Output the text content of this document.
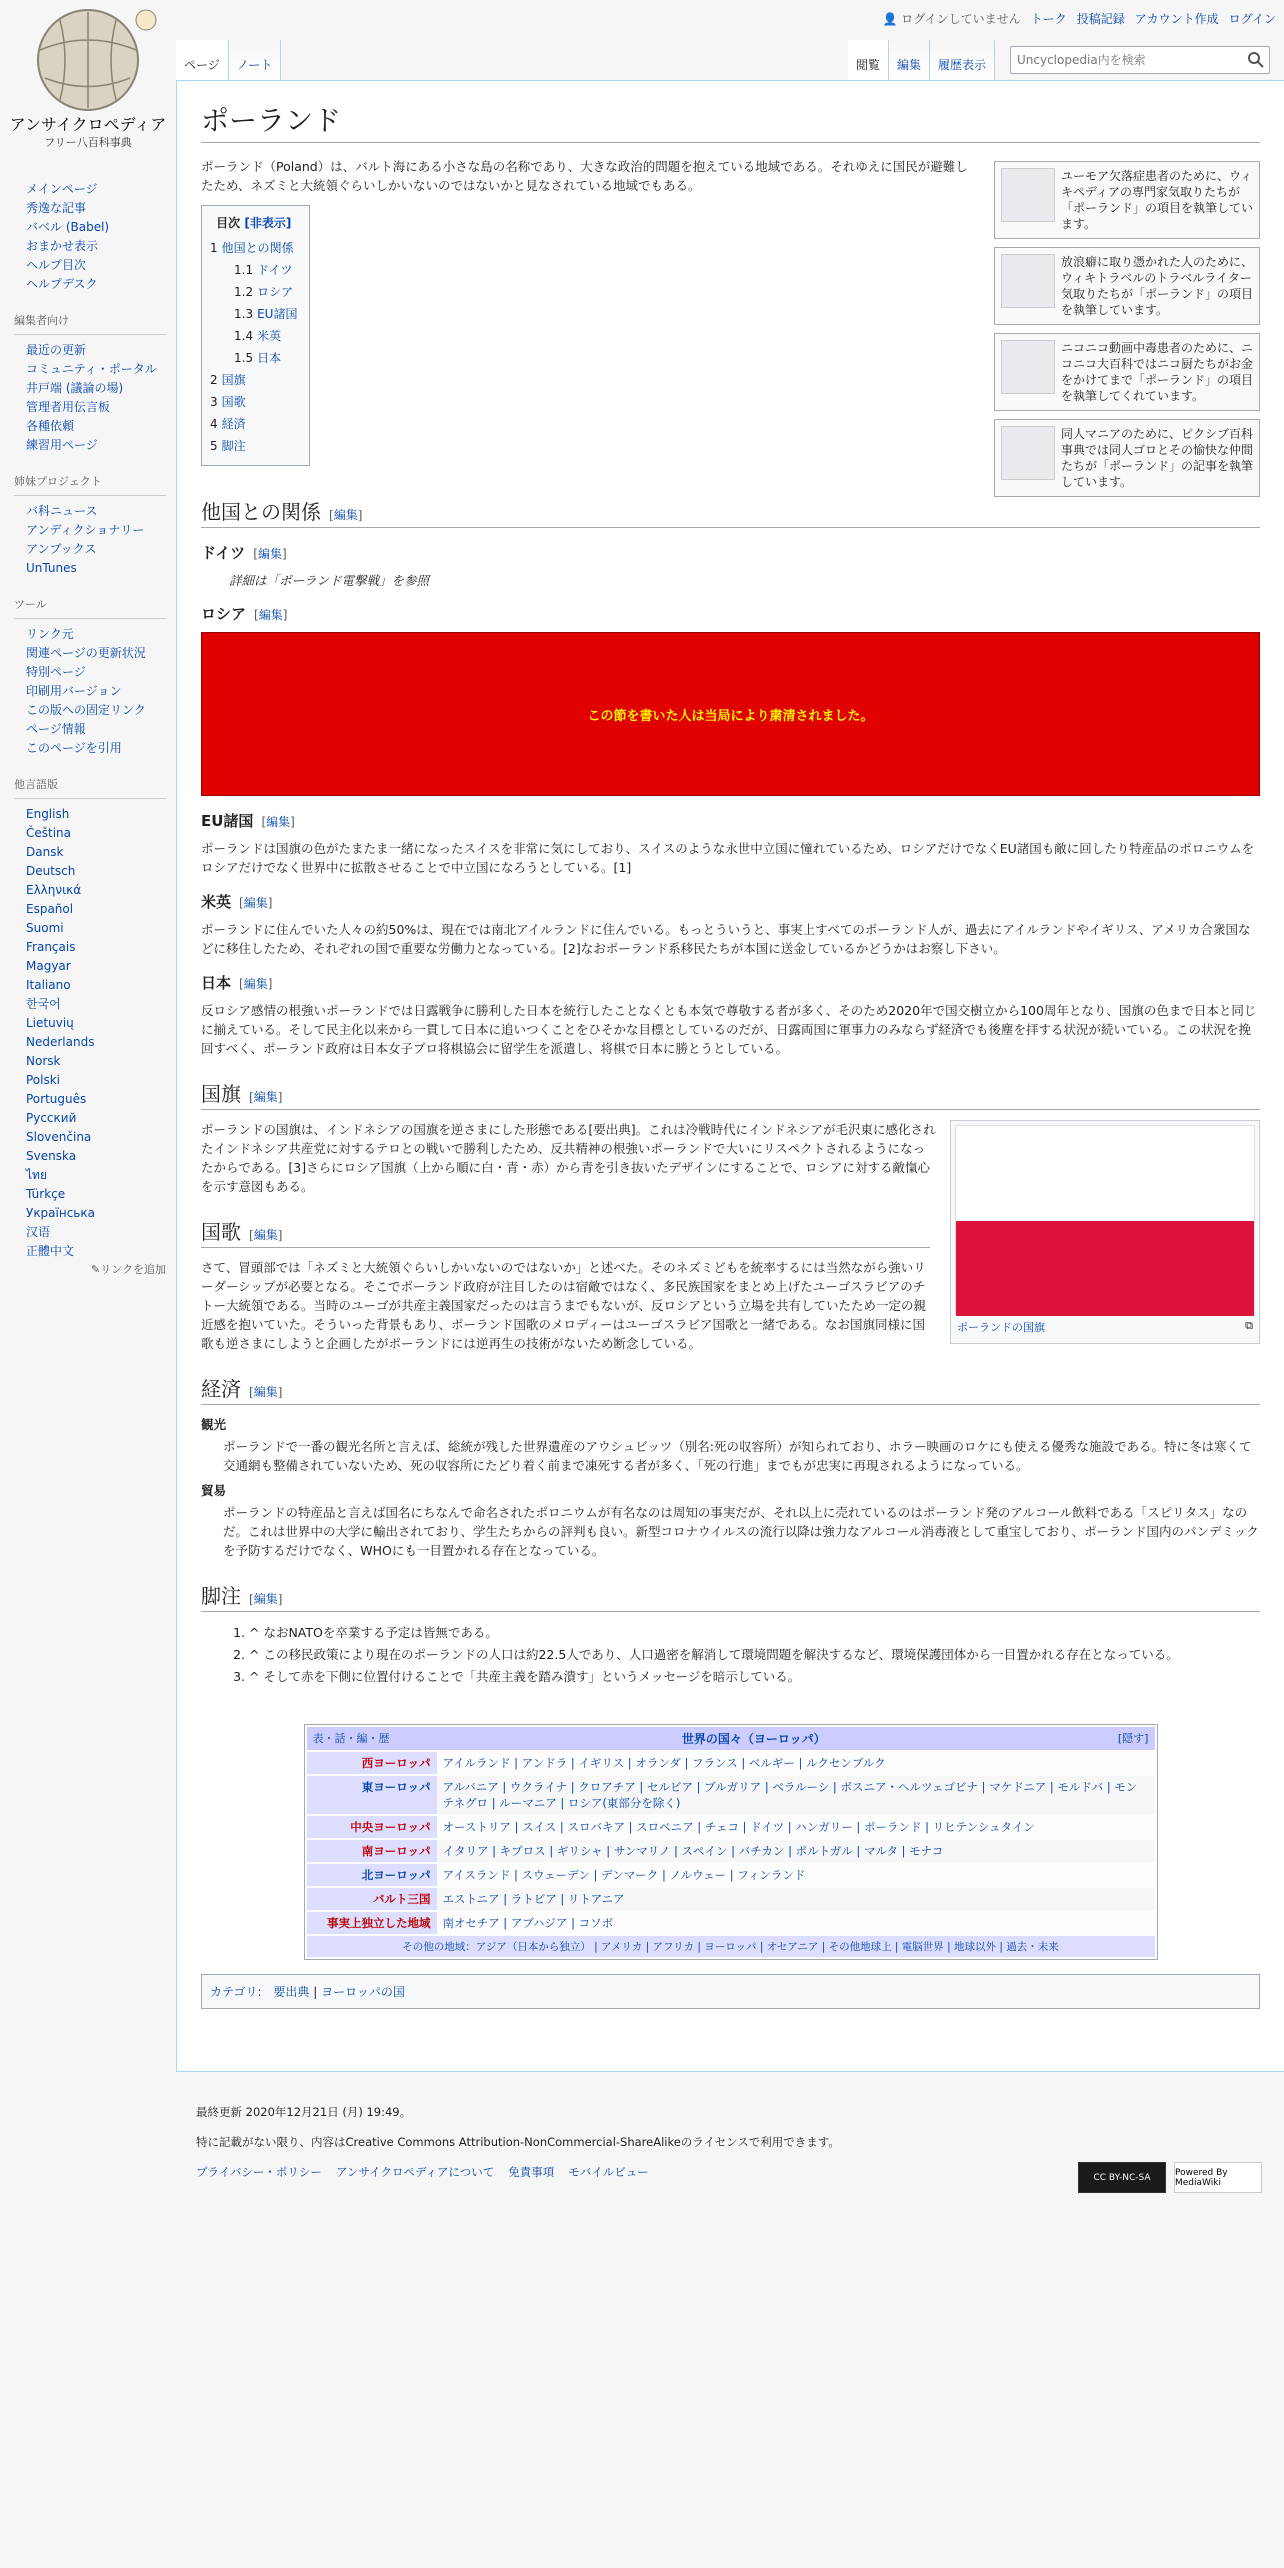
アンサイクロペディア
フリー八百科事典
👤 ログインしていません トーク 投稿記録 アカウント作成 ログイン
ページ	ノート	閲覧	編集	履歴表示
Uncyclopedia内を検索
メインページ
秀逸な記事
バベル (Babel)
おまかせ表示
ヘルプ目次
ヘルプデスク
編集者向け
最近の更新
コミュニティ・ポータル
井戸端 (議論の場)
管理者用伝言板
各種依頼
練習用ページ
姉妹プロジェクト
バ科ニュース
アンディクショナリー
アンブックス
UnTunes
ツール
リンク元
関連ページの更新状況
特別ページ
印刷用バージョン
この版への固定リンク
ページ情報
このページを引用
他言語版
English
Čeština
Dansk
Deutsch
Ελληνικά
Español
Suomi
Français
Magyar
Italiano
한국어
Lietuvių
Nederlands
Norsk
Polski
Português
Русский
Slovenčina
Svenska
ไทย
Türkçe
Українська
汉语
正體中文
✎リンクを追加
ポーランド
ユーモア欠落症患者のために、ウィキペディアの専門家気取りたちが「ポーランド」の項目を執筆しています。
放浪癖に取り憑かれた人のために、ウィキトラベルのトラベルライター気取りたちが「ポーランド」の項目を執筆しています。
ニコニコ動画中毒患者のために、ニコニコ大百科ではニコ厨たちがお金をかけてまで「ポーランド」の項目を執筆してくれています。
同人マニアのために、ピクシブ百科事典では同人ゴロとその愉快な仲間たちが「ポーランド」の記事を執筆しています。

ポーランド（Poland）は、バルト海にある小さな島の名称であり、大きな政治的問題を抱えている地域である。それゆえに国民が避難したため、ネズミと大統領ぐらいしかいないのではないかと見なされている地域でもある。

目次 [非表示]
1 他国との関係
1.1 ドイツ
1.2 ロシア
1.3 EU諸国
1.4 米英
1.5 日本
2 国旗
3 国歌
4 経済
5 脚注
他国との関係 [編集]
ドイツ [編集]
詳細は「ポーランド電撃戦」を参照
ロシア [編集]
この節を書いた人は当局により粛清されました。
EU諸国 [編集]

ポーランドは国旗の色がたまたま一緒になったスイスを非常に気にしており、スイスのような永世中立国に憧れているため、ロシアだけでなくEU諸国も敵に回したり特産品のポロニウムをロシアだけでなく世界中に拡散させることで中立国になろうとしている。[1]

米英 [編集]

ポーランドに住んでいた人々の約50%は、現在では南北アイルランドに住んでいる。もっとういうと、事実上すべてのポーランド人が、過去にアイルランドやイギリス、アメリカ合衆国などに移住したため、それぞれの国で重要な労働力となっている。[2]なおポーランド系移民たちが本国に送金しているかどうかはお察し下さい。

日本 [編集]

反ロシア感情の根強いポーランドでは日露戦争に勝利した日本を統行したことなくとも本気で尊敬する者が多く、そのため2020年で国交樹立から100周年となり、国旗の色まで日本と同じに揃えている。そして民主化以来から一貫して日本に追いつくことをひそかな目標としているのだが、日露両国に軍事力のみならず経済でも後塵を拝する状況が続いている。この状況を挽回すべく、ポーランド政府は日本女子プロ将棋協会に留学生を派遣し、将棋で日本に勝とうとしている。

国旗 [編集]
ポーランドの国旗	⧉

ポーランドの国旗は、インドネシアの国旗を逆さまにした形態である[要出典]。これは冷戦時代にインドネシアが毛沢東に感化されたインドネシア共産党に対するテロとの戦いで勝利したため、反共精神の根強いポーランドで大いにリスペクトされるようになったからである。[3]さらにロシア国旗（上から順に白・青・赤）から青を引き抜いたデザインにすることで、ロシアに対する敵愾心を示す意図もある。

国歌 [編集]

さて、冒頭部では「ネズミと大統領ぐらいしかいないのではないか」と述べた。そのネズミどもを統率するには当然ながら強いリーダーシップが必要となる。そこでポーランド政府が注目したのは宿敵ではなく、多民族国家をまとめ上げたユーゴスラビアのチトー大統領である。当時のユーゴが共産主義国家だったのは言うまでもないが、反ロシアという立場を共有していたため一定の親近感を抱いていた。そういった背景もあり、ポーランド国歌のメロディーはユーゴスラビア国歌と一緒である。なお国旗同様に国歌も逆さまにしようと企画したがポーランドには逆再生の技術がないため断念している。

経済 [編集]
観光

ポーランドで一番の観光名所と言えば、総統が残した世界遺産のアウシュビッツ（別名:死の収容所）が知られており、ホラー映画のロケにも使える優秀な施設である。特に冬は寒くて交通網も整備されていないため、死の収容所にたどり着く前まで凍死する者が多く、「死の行進」までもが忠実に再現されるようになっている。

貿易

ポーランドの特産品と言えば国名にちなんで命名されたポロニウムが有名なのは周知の事実だが、それ以上に売れているのはポーランド発のアルコール飲料である「スピリタス」なのだ。これは世界中の大学に輸出されており、学生たちからの評判も良い。新型コロナウイルスの流行以降は強力なアルコール消毒液として重宝しており、ポーランド国内のパンデミックを予防するだけでなく、WHOにも一目置かれる存在となっている。

脚注 [編集]
1. ^ なおNATOを卒業する予定は皆無である。
2. ^ この移民政策により現在のポーランドの人口は約22.5人であり、人口過密を解消して環境問題を解決するなど、環境保護団体から一目置かれる存在となっている。
3. ^ そして赤を下側に位置付けることで「共産主義を踏み潰す」というメッセージを暗示している。
表・話・編・歴	世界の国々（ヨーロッパ）	[隠す]
西ヨーロッパ	アイルランド | アンドラ | イギリス | オランダ | フランス | ベルギー | ルクセンブルク
東ヨーロッパ	アルバニア | ウクライナ | クロアチア | セルビア | ブルガリア | ベラルーシ | ボスニア・ヘルツェゴビナ | マケドニア | モルドバ | モンテネグロ | ルーマニア | ロシア(東部分を除く)
中央ヨーロッパ	オーストリア | スイス | スロバキア | スロベニア | チェコ | ドイツ | ハンガリー | ポーランド | リヒテンシュタイン
南ヨーロッパ	イタリア | キプロス | ギリシャ | サンマリノ | スペイン | バチカン | ポルトガル | マルタ | モナコ
北ヨーロッパ	アイスランド | スウェーデン | デンマーク | ノルウェー | フィンランド
バルト三国	エストニア | ラトビア | リトアニア
事実上独立した地域	南オセチア | アブハジア | コソボ
その他の地域：アジア（日本から独立） | アメリカ | アフリカ | ヨーロッパ | オセアニア | その他地球上 | 電脳世界 | 地球以外 | 過去・未来
カテゴリ: 要出典 | ヨーロッパの国
最終更新 2020年12月21日 (月) 19:49。
特に記載がない限り、内容はCreative Commons Attribution-NonCommercial-ShareAlikeのライセンスで利用できます。
プライバシー・ポリシー アンサイクロペディアについて 免責事項 モバイルビュー	CC BY-NC-SA	Powered By MediaWiki
